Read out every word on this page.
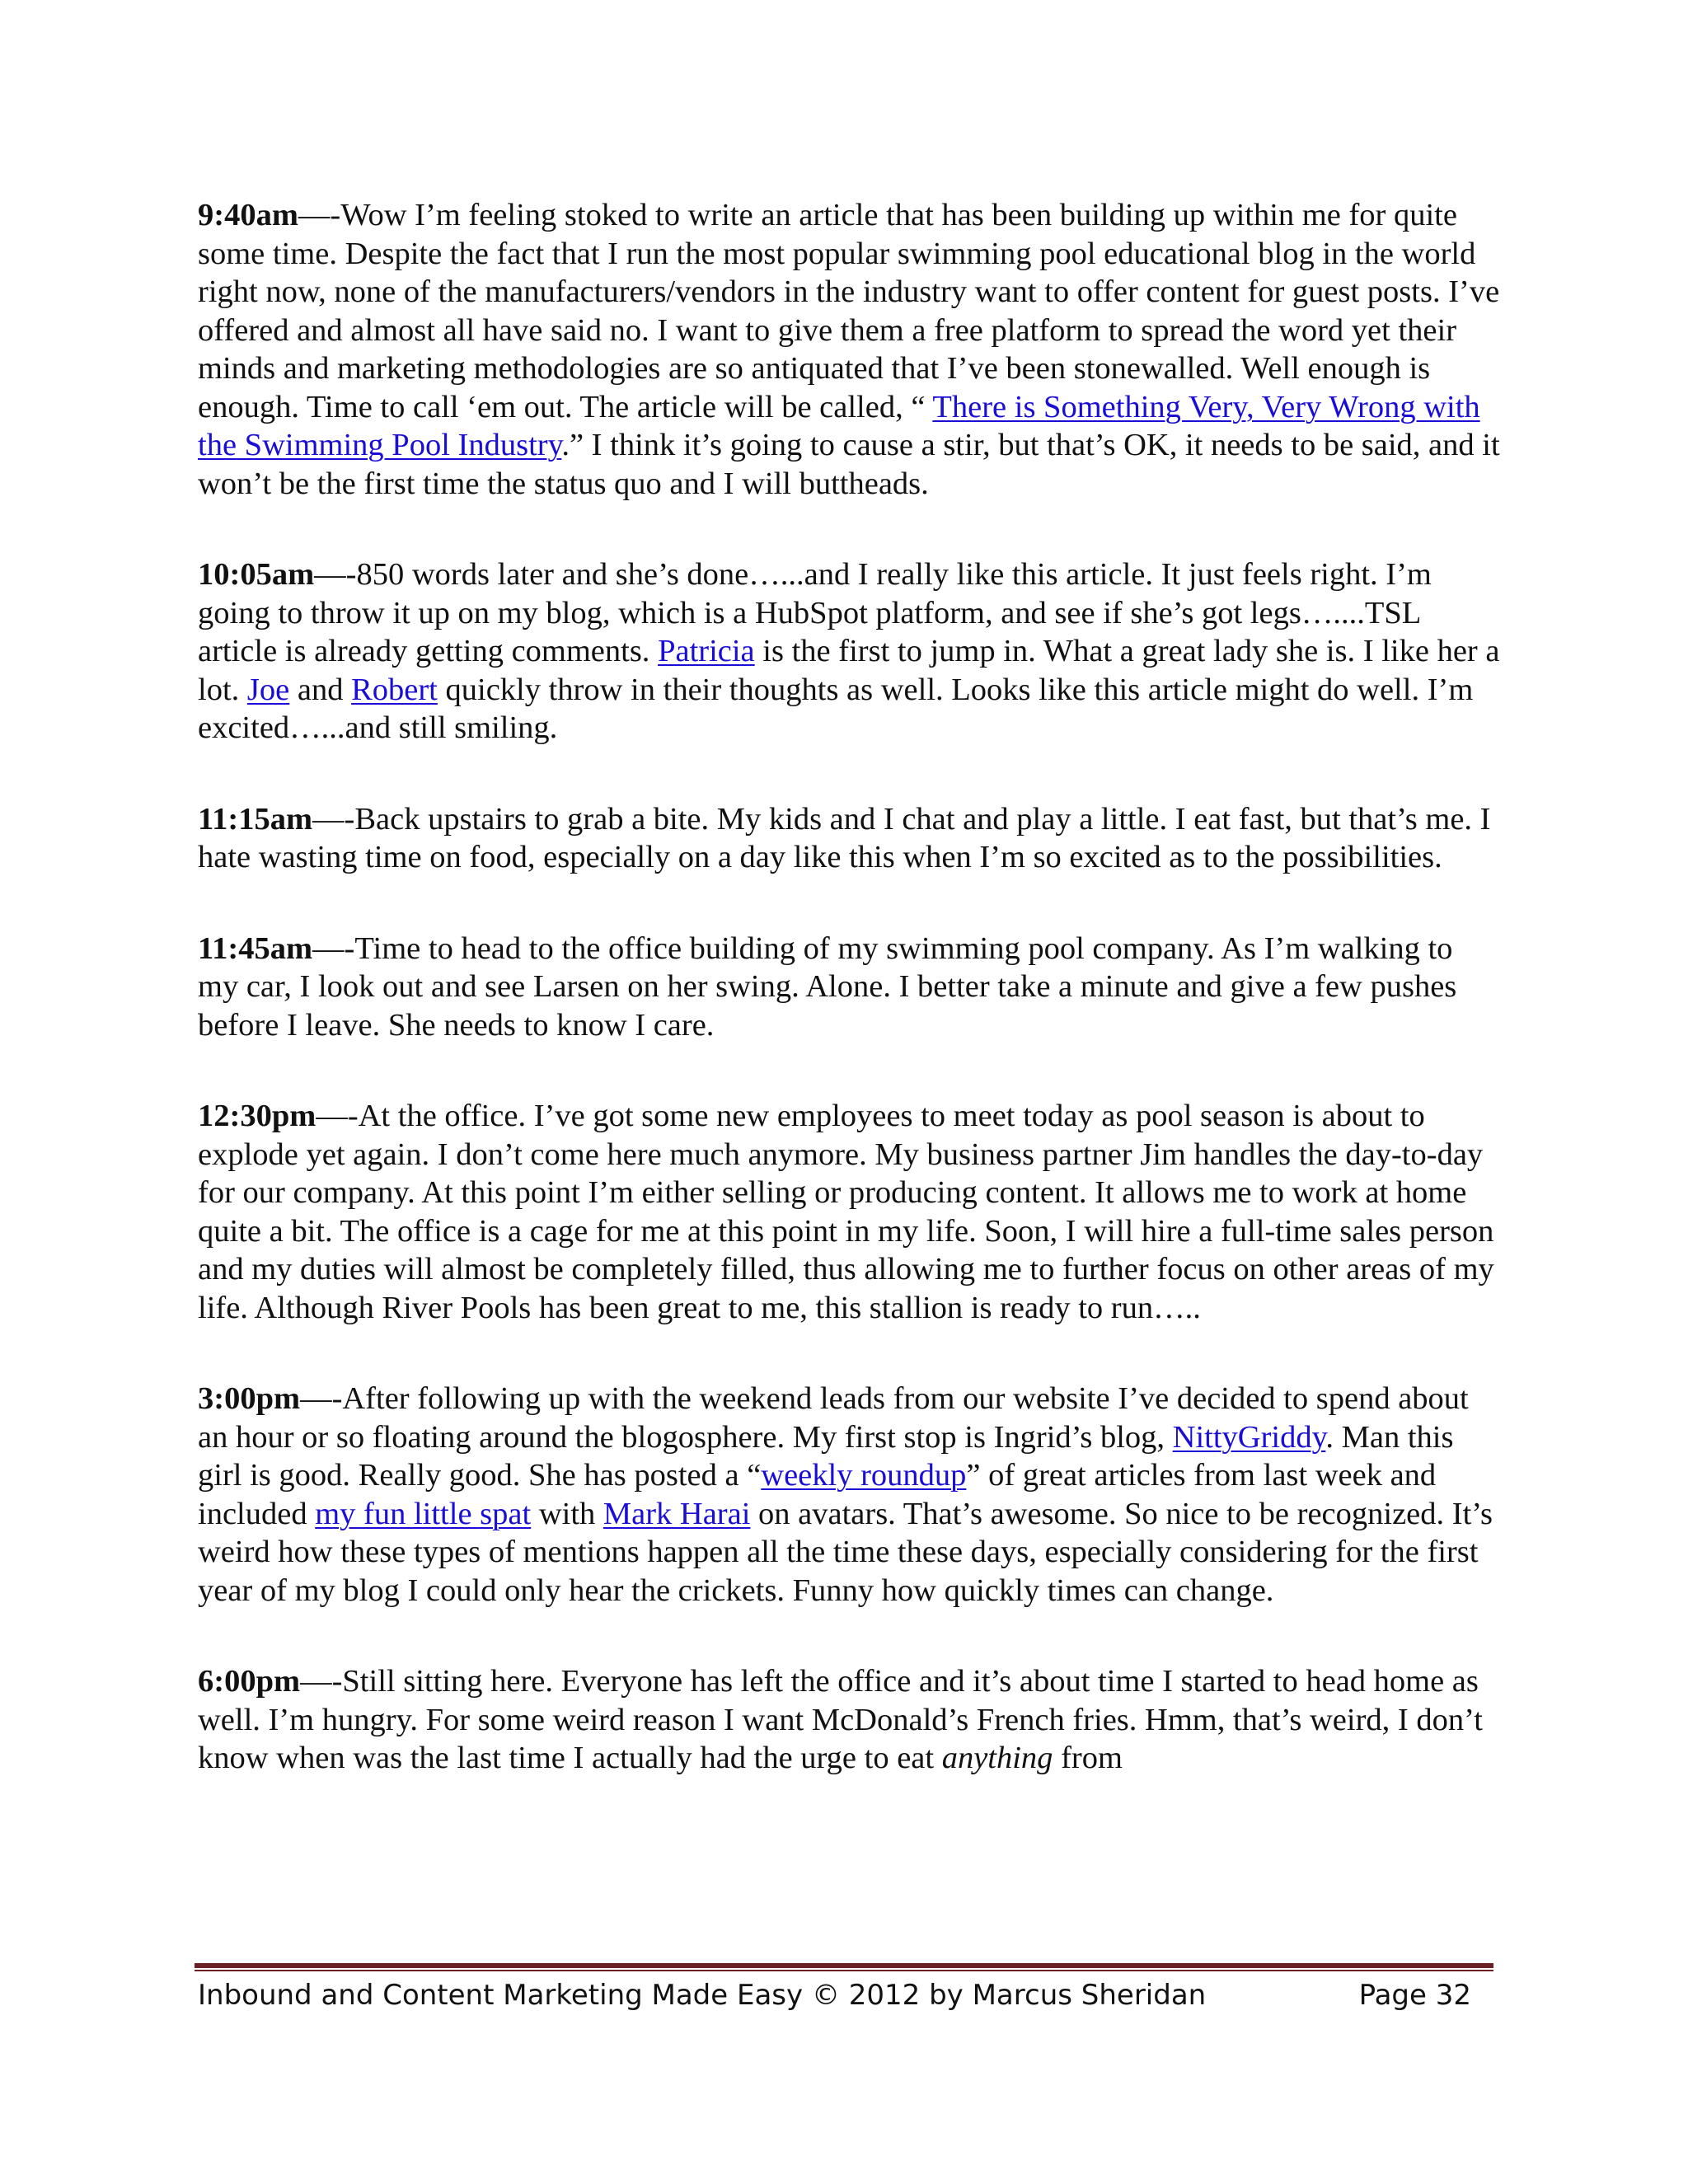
9:40am—-Wow I’m feeling stoked to write an article that has been building up within me for quite some time. Despite the fact that I run the most popular swimming pool educational blog in the world right now, none of the manufacturers/vendors in the industry want to offer content for guest posts. I’ve offered and almost all have said no. I want to give them a free platform to spread the word yet their minds and marketing methodologies are so antiquated that I’ve been stonewalled. Well enough is enough. Time to call ‘em out. The article will be called, “ There is Something Very, Very Wrong with the Swimming Pool Industry.” I think it’s going to cause a stir, but that’s OK, it needs to be said, and it won’t be the first time the status quo and I will buttheads.

10:05am—-850 words later and she’s done…...and I really like this article. It just feels right. I’m going to throw it up on my blog, which is a HubSpot platform, and see if she’s got legs…....TSL article is already getting comments. Patricia is the first to jump in. What a great lady she is. I like her a lot. Joe and Robert quickly throw in their thoughts as well. Looks like this article might do well. I’m excited…...and still smiling.

11:15am—-Back upstairs to grab a bite. My kids and I chat and play a little. I eat fast, but that’s me. I hate wasting time on food, especially on a day like this when I’m so excited as to the possibilities.

11:45am—-Time to head to the office building of my swimming pool company. As I’m walking to my car, I look out and see Larsen on her swing. Alone. I better take a minute and give a few pushes before I leave. She needs to know I care.

12:30pm—-At the office. I’ve got some new employees to meet today as pool season is about to explode yet again. I don’t come here much anymore. My business partner Jim handles the day-to-day for our company. At this point I’m either selling or producing content. It allows me to work at home quite a bit. The office is a cage for me at this point in my life. Soon, I will hire a full-time sales person and my duties will almost be completely filled, thus allowing me to further focus on other areas of my life. Although River Pools has been great to me, this stallion is ready to run…..

3:00pm—-After following up with the weekend leads from our website I’ve decided to spend about an hour or so floating around the blogosphere. My first stop is Ingrid’s blog, NittyGriddy. Man this girl is good. Really good. She has posted a “weekly roundup” of great articles from last week and included my fun little spat with Mark Harai on avatars. That’s awesome. So nice to be recognized. It’s weird how these types of mentions happen all the time these days, especially considering for the first year of my blog I could only hear the crickets. Funny how quickly times can change.

6:00pm—-Still sitting here. Everyone has left the office and it’s about time I started to head home as well. I’m hungry. For some weird reason I want McDonald’s French fries. Hmm, that’s weird, I don’t know when was the last time I actually had the urge to eat anything from

Inbound and Content Marketing Made Easy © 2012 by Marcus Sheridan	Page 32
